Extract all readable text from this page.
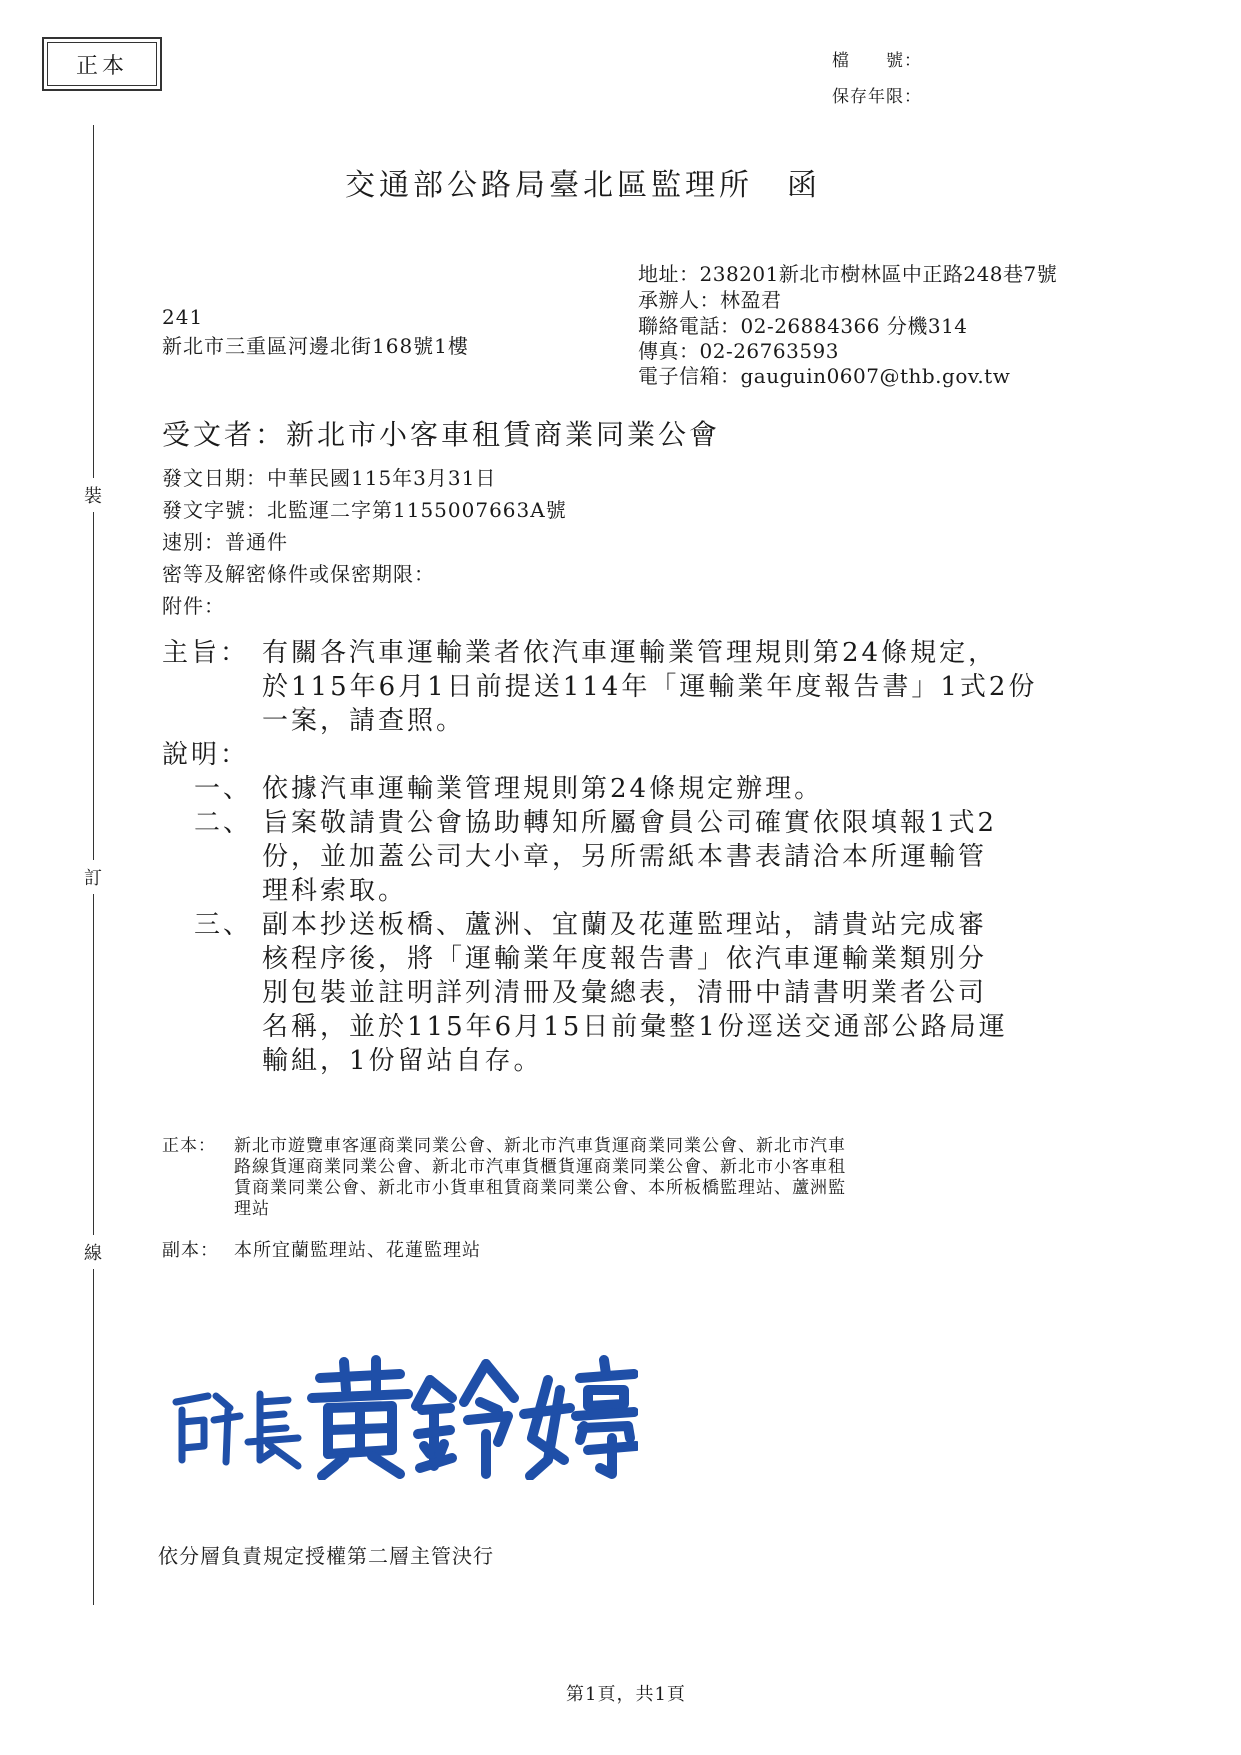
正本	檔　　號：
保存年限：
裝
訂
線
交通部公路局臺北區監理所　函
地址：238201新北市樹林區中正路248巷7號
承辦人：林盈君
聯絡電話：02-26884366 分機314
傳真：02-26763593
電子信箱：gauguin0607@thb.gov.tw
241
新北市三重區河邊北街168號1樓
受文者：新北市小客車租賃商業同業公會
發文日期：中華民國115年3月31日
發文字號：北監運二字第1155007663A號
速別：普通件
密等及解密條件或保密期限：
附件：
主旨： 有關各汽車運輸業者依汽車運輸業管理規則第24條規定，
於115年6月1日前提送114年「運輸業年度報告書」1式2份
一案，請查照。
說明：
一、 依據汽車運輸業管理規則第24條規定辦理。
二、 旨案敬請貴公會協助轉知所屬會員公司確實依限填報1式2
份，並加蓋公司大小章，另所需紙本書表請洽本所運輸管
理科索取。
三、 副本抄送板橋、蘆洲、宜蘭及花蓮監理站，請貴站完成審
核程序後，將「運輸業年度報告書」依汽車運輸業類別分
別包裝並註明詳列清冊及彙總表，清冊中請書明業者公司
名稱，並於115年6月15日前彙整1份逕送交通部公路局運
輸組，1份留站自存。
正本： 新北市遊覽車客運商業同業公會、新北市汽車貨運商業同業公會、新北市汽車
路線貨運商業同業公會、新北市汽車貨櫃貨運商業同業公會、新北市小客車租
賃商業同業公會、新北市小貨車租賃商業同業公會、本所板橋監理站、蘆洲監
理站
副本： 本所宜蘭監理站、花蓮監理站
依分層負責規定授權第二層主管決行
第1頁，共1頁
